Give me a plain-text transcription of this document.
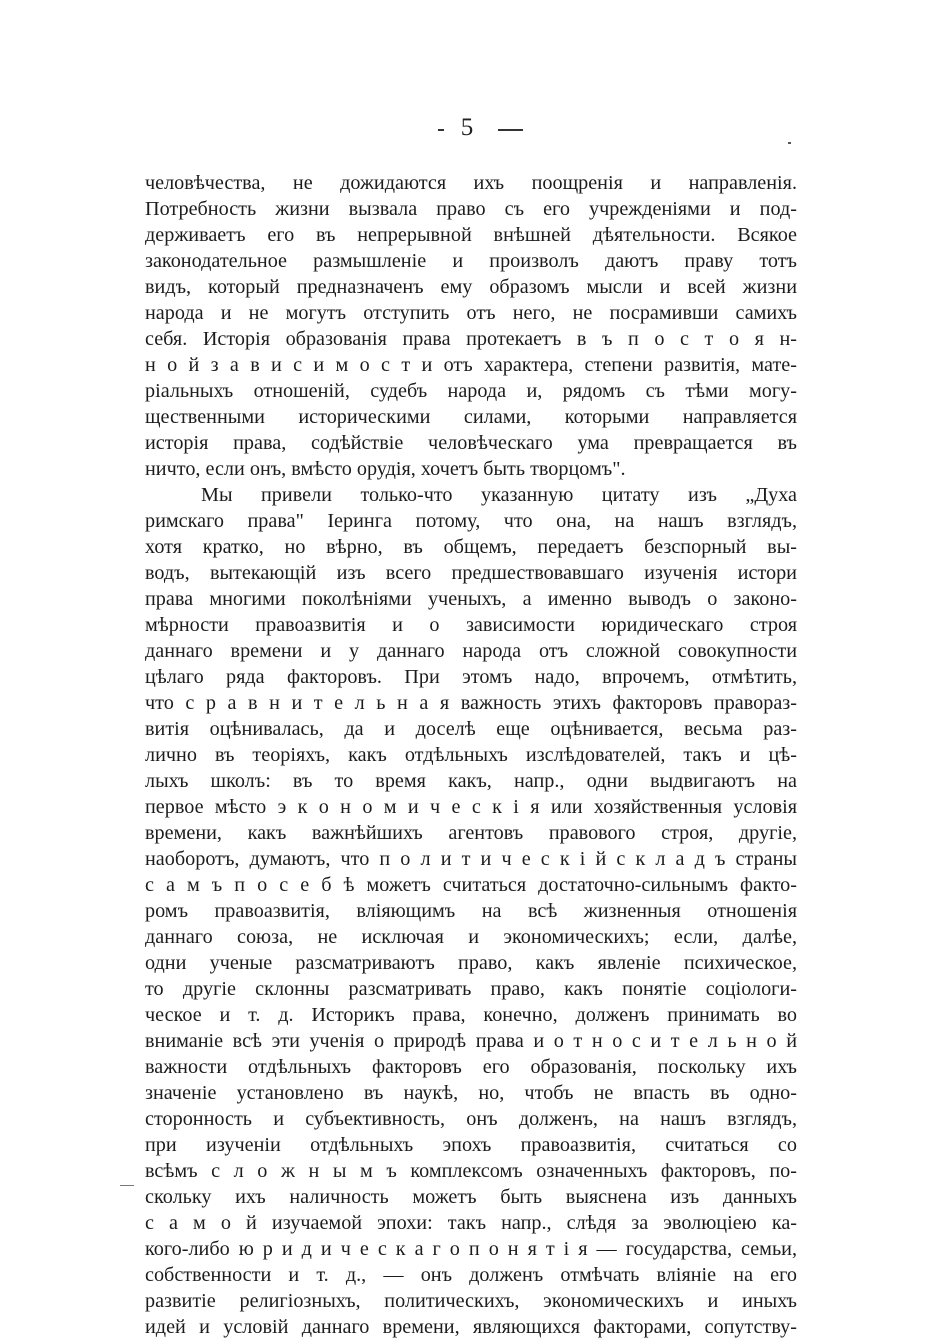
5
человѣчества, не дожидаются ихъ поощренія и направленія.
Потребность жизни вызвала право съ его учрежденіями и под-
держиваетъ его въ непрерывной внѣшней дѣятельности. Всякое
законодательное размышленіе и произволъ даютъ праву тотъ
видъ, который предназначенъ ему образомъ мысли и всей жизни
народа и не могутъ отступить отъ него, не посрамивши самихъ
себя. Исторія образованія права протекаетъ в ъ п о с т о я н-
н о й з а в и с и м о с т и отъ характера, степени развитія, мате-
ріальныхъ отношеній, судебъ народа и, рядомъ съ тѣми могу-
щественными историческими силами, которыми направляется
исторія права, содѣйствіе человѣческаго ума превращается въ
ничто, если онъ, вмѣсто орудія, хочетъ быть творцомъ".
Мы привели только-что указанную цитату изъ „Духа
римскаго права" Іеринга потому, что она, на нашъ взглядъ,
хотя кратко, но вѣрно, въ общемъ, передаетъ безспорный вы-
водъ, вытекающій изъ всего предшествовавшаго изученія истори
права многими поколѣніями ученыхъ, а именно выводъ о законо-
мѣрности правоазвитія и о зависимости юридическаго строя
даннаго времени и у даннаго народа отъ сложной совокупности
цѣлаго ряда факторовъ. При этомъ надо, впрочемъ, отмѣтить,
что с р а в н и т е л ь н а я важность этихъ факторовъ правораз-
витія оцѣнивалась, да и доселѣ еще оцѣнивается, весьма раз-
лично въ теоріяхъ, какъ отдѣльныхъ изслѣдователей, такъ и цѣ-
лыхъ школъ: въ то время какъ, напр., одни выдвигаютъ на
первое мѣсто э к о н о м и ч е с к і я или хозяйственныя условія
времени, какъ важнѣйшихъ агентовъ правового строя, другіе,
наоборотъ, думаютъ, что п о л и т и ч е с к і й с к л а д ъ страны
с а м ъ п о с е б ѣ можетъ считаться достаточно-сильнымъ факто-
ромъ правоазвитія, вліяющимъ на всѣ жизненныя отношенія
даннаго союза, не исключая и экономическихъ; если, далѣе,
одни ученые разсматриваютъ право, какъ явленіе психическое,
то другіе склонны разсматривать право, какъ понятіе соціологи-
ческое и т. д. Историкъ права, конечно, долженъ принимать во
вниманіе всѣ эти ученія о природѣ права и о т н о с и т е л ь н о й
важности отдѣльныхъ факторовъ его образованія, поскольку ихъ
значеніе установлено въ наукѣ, но, чтобъ не впасть въ одно-
сторонность и субъективность, онъ долженъ, на нашъ взглядъ,
при изученіи отдѣльныхъ эпохъ правоазвитія, считаться со
всѣмъ с л о ж н ы м ъ комплексомъ означенныхъ факторовъ, по-
скольку ихъ наличность можетъ быть выяснена изъ данныхъ
с а м о й изучаемой эпохи: такъ напр., слѣдя за эволюціею ка-
кого-либо ю р и д и ч е с к а г о п о н я т і я — государства, семьи,
собственности и т. д., — онъ долженъ отмѣчать вліяніе на его
развитіе религіозныхъ, политическихъ, экономическихъ и иныхъ
идей и условій даннаго времени, являющихся факторами, сопутству-
